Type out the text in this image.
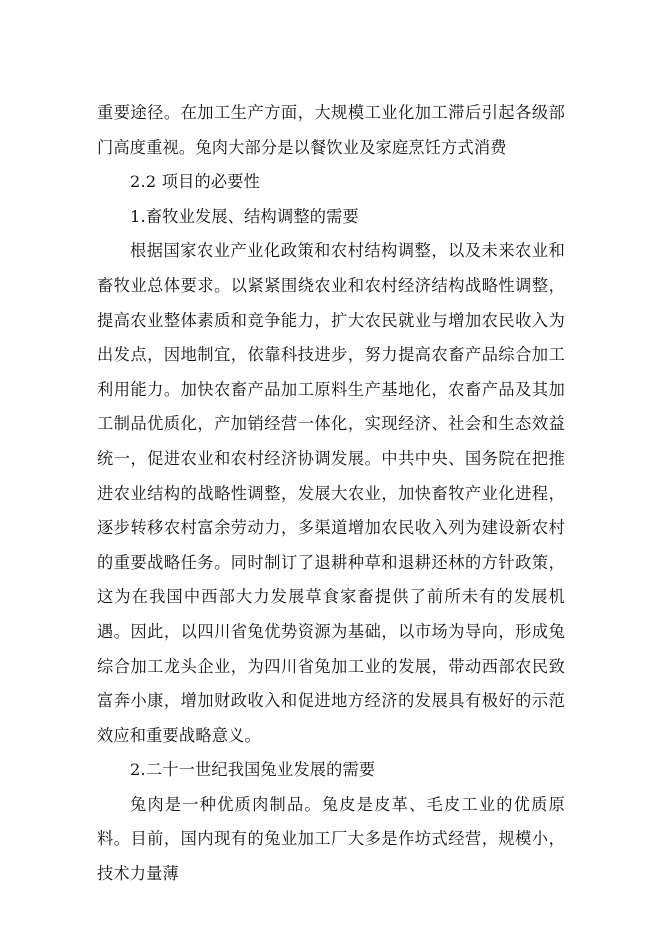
重要途径。在加工生产方面，大规模工业化加工滞后引起各级部门高度重视。兔肉大部分是以餐饮业及家庭烹饪方式消费

2.2 项目的必要性

1.畜牧业发展、结构调整的需要

根据国家农业产业化政策和农村结构调整，以及未来农业和畜牧业总体要求。以紧紧围绕农业和农村经济结构战略性调整，提高农业整体素质和竞争能力，扩大农民就业与增加农民收入为出发点，因地制宜，依靠科技进步，努力提高农畜产品综合加工利用能力。加快农畜产品加工原料生产基地化，农畜产品及其加工制品优质化，产加销经营一体化，实现经济、社会和生态效益统一，促进农业和农村经济协调发展。中共中央、国务院在把推进农业结构的战略性调整，发展大农业，加快畜牧产业化进程，逐步转移农村富余劳动力，多渠道增加农民收入列为建设新农村的重要战略任务。同时制订了退耕种草和退耕还林的方针政策，这为在我国中西部大力发展草食家畜提供了前所未有的发展机遇。因此，以四川省兔优势资源为基础，以市场为导向，形成兔综合加工龙头企业，为四川省兔加工业的发展，带动西部农民致富奔小康，增加财政收入和促进地方经济的发展具有极好的示范效应和重要战略意义。

2.二十一世纪我国兔业发展的需要

兔肉是一种优质肉制品。兔皮是皮革、毛皮工业的优质原料。目前，国内现有的兔业加工厂大多是作坊式经营，规模小，技术力量薄
